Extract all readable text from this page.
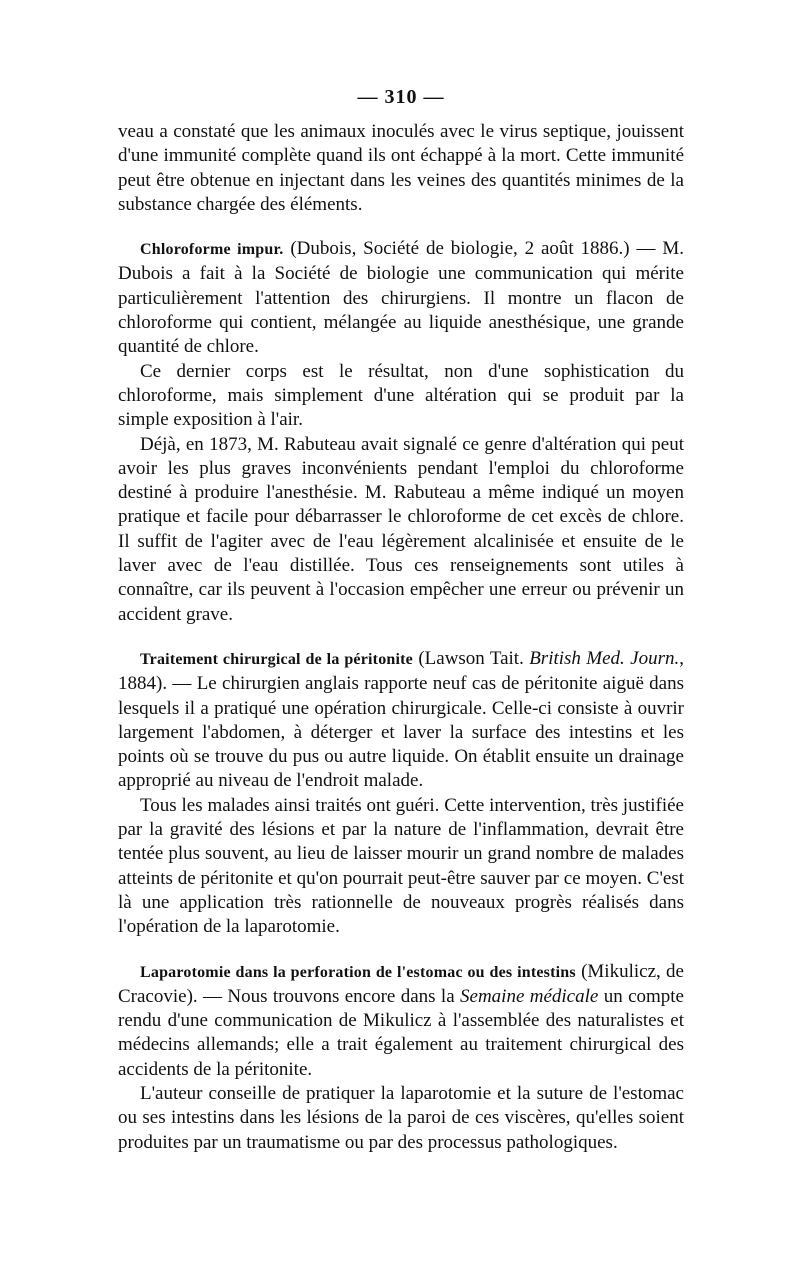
— 310 —

veau a constaté que les animaux inoculés avec le virus septique, jouissent d'une immunité complète quand ils ont échappé à la mort. Cette immunité peut être obtenue en injectant dans les veines des quantités minimes de la substance chargée des éléments.

Chloroforme impur. (Dubois, Société de biologie, 2 août 1886.) — M. Dubois a fait à la Société de biologie une communication qui mérite particulièrement l'attention des chirurgiens. Il montre un flacon de chloroforme qui contient, mélangée au liquide anesthésique, une grande quantité de chlore.

Ce dernier corps est le résultat, non d'une sophistication du chloroforme, mais simplement d'une altération qui se produit par la simple exposition à l'air.

Déjà, en 1873, M. Rabuteau avait signalé ce genre d'altération qui peut avoir les plus graves inconvénients pendant l'emploi du chloroforme destiné à produire l'anesthésie. M. Rabuteau a même indiqué un moyen pratique et facile pour débarrasser le chloroforme de cet excès de chlore. Il suffit de l'agiter avec de l'eau légèrement alcalinisée et ensuite de le laver avec de l'eau distillée. Tous ces renseignements sont utiles à connaître, car ils peuvent à l'occasion empêcher une erreur ou prévenir un accident grave.

Traitement chirurgical de la péritonite (Lawson Tait. British Med. Journ., 1884). — Le chirurgien anglais rapporte neuf cas de péritonite aiguë dans lesquels il a pratiqué une opération chirurgicale. Celle-ci consiste à ouvrir largement l'abdomen, à déterger et laver la surface des intestins et les points où se trouve du pus ou autre liquide. On établit ensuite un drainage approprié au niveau de l'endroit malade.

Tous les malades ainsi traités ont guéri. Cette intervention, très justifiée par la gravité des lésions et par la nature de l'inflammation, devrait être tentée plus souvent, au lieu de laisser mourir un grand nombre de malades atteints de péritonite et qu'on pourrait peut-être sauver par ce moyen. C'est là une application très rationnelle de nouveaux progrès réalisés dans l'opération de la laparotomie.

Laparotomie dans la perforation de l'estomac ou des intestins (Mikulicz, de Cracovie). — Nous trouvons encore dans la Semaine médicale un compte rendu d'une communication de Mikulicz à l'assemblée des naturalistes et médecins allemands; elle a trait également au traitement chirurgical des accidents de la péritonite.

L'auteur conseille de pratiquer la laparotomie et la suture de l'estomac ou ses intestins dans les lésions de la paroi de ces viscères, qu'elles soient produites par un traumatisme ou par des processus pathologiques.
